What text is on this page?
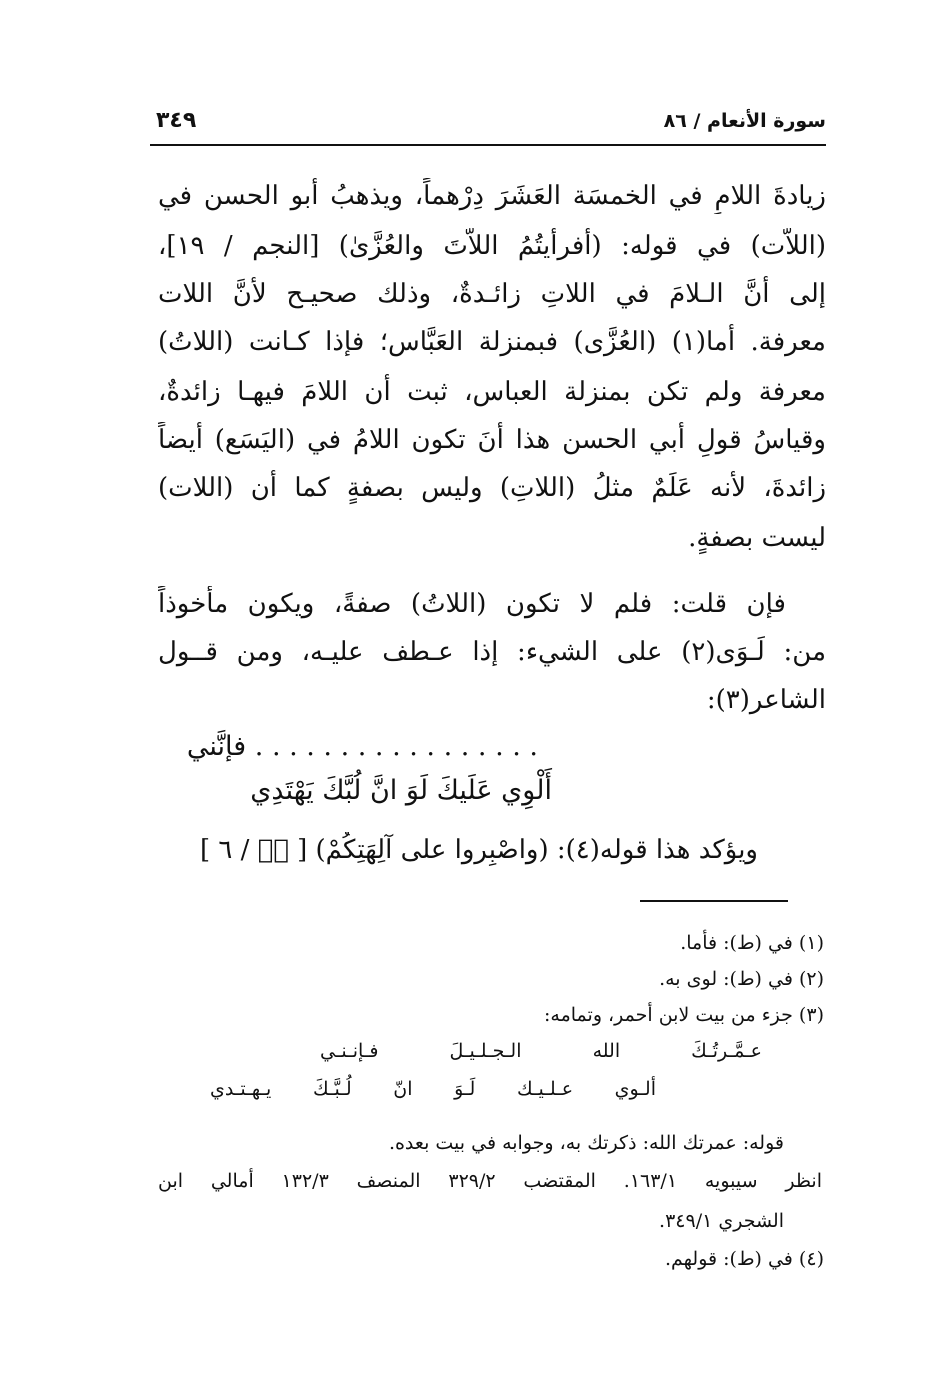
سورة الأنعام / ٨٦
٣٤٩
زيادةَ اللامِ في الخمسَة العَشَرَ دِرْهماً، ويذهبُ أبو الحسن في
(اللاَّت) في قوله: (أفرأيتُمُ اللاَّتَ والعُزَّىٰ) [النجم / ١٩]،
إلى أنَّ الـلامَ في اللاتِ زائـدةٌ، وذلك صحيـح لأنَّ اللات
معرفة. أما(١) (العُزَّى) فبمنزلة العَبَّاس؛ فإذا كـانت (اللاتُ)
معرفة ولم تكن بمنزلة العباس، ثبت أن اللامَ فيهـا زائدةٌ،
وقياسُ قولِ أبي الحسن هذا أنَ تكون اللامُ في (اليَسَع) أيضاً
زائدةَ، لأنه عَلَمٌ مثلُ (اللاتِ) وليس بصفةٍ كما أن (اللات)
ليست بصفةٍ.
فإن قلت: فلم لا تكون (اللاتُ) صفةً، ويكون مأخوذاً
من: لَـوَى(٢) على الشيء: إذا عـطف عليـه، ومن قــول
الشاعر(٣):
. . . . . . . . . . . . . . . . . فإنَّني
أَلْوِي عَلَيكَ لَوَ انَّ لُبَّكَ يَهْتَدِي
ويؤكد هذا قوله(٤): (واصْبِروا على آلِهَتِكُمْ) [ صۤ / ٦ ]
(١) في (ط): فأما.
(٢) في (ط): لوى به.
(٣) جزء من بيت لابن أحمر، وتمامه:
عـمَّـرتُـكَ الله الـجـلـيـلَ فـإنـنـي
ألـوي عـلـيـك لَـوَ انّ لُـبَّـكَ يـهـتـدي
قوله: عمرتك الله: ذكرتك به، وجوابه في بيت بعده.
انظر سيبويه ١٦٣/١. المقتضب ٣٢٩/٢ المنصف ١٣٢/٣ أمالي ابن
الشجري ٣٤٩/١.
(٤) في (ط): قولهم.
